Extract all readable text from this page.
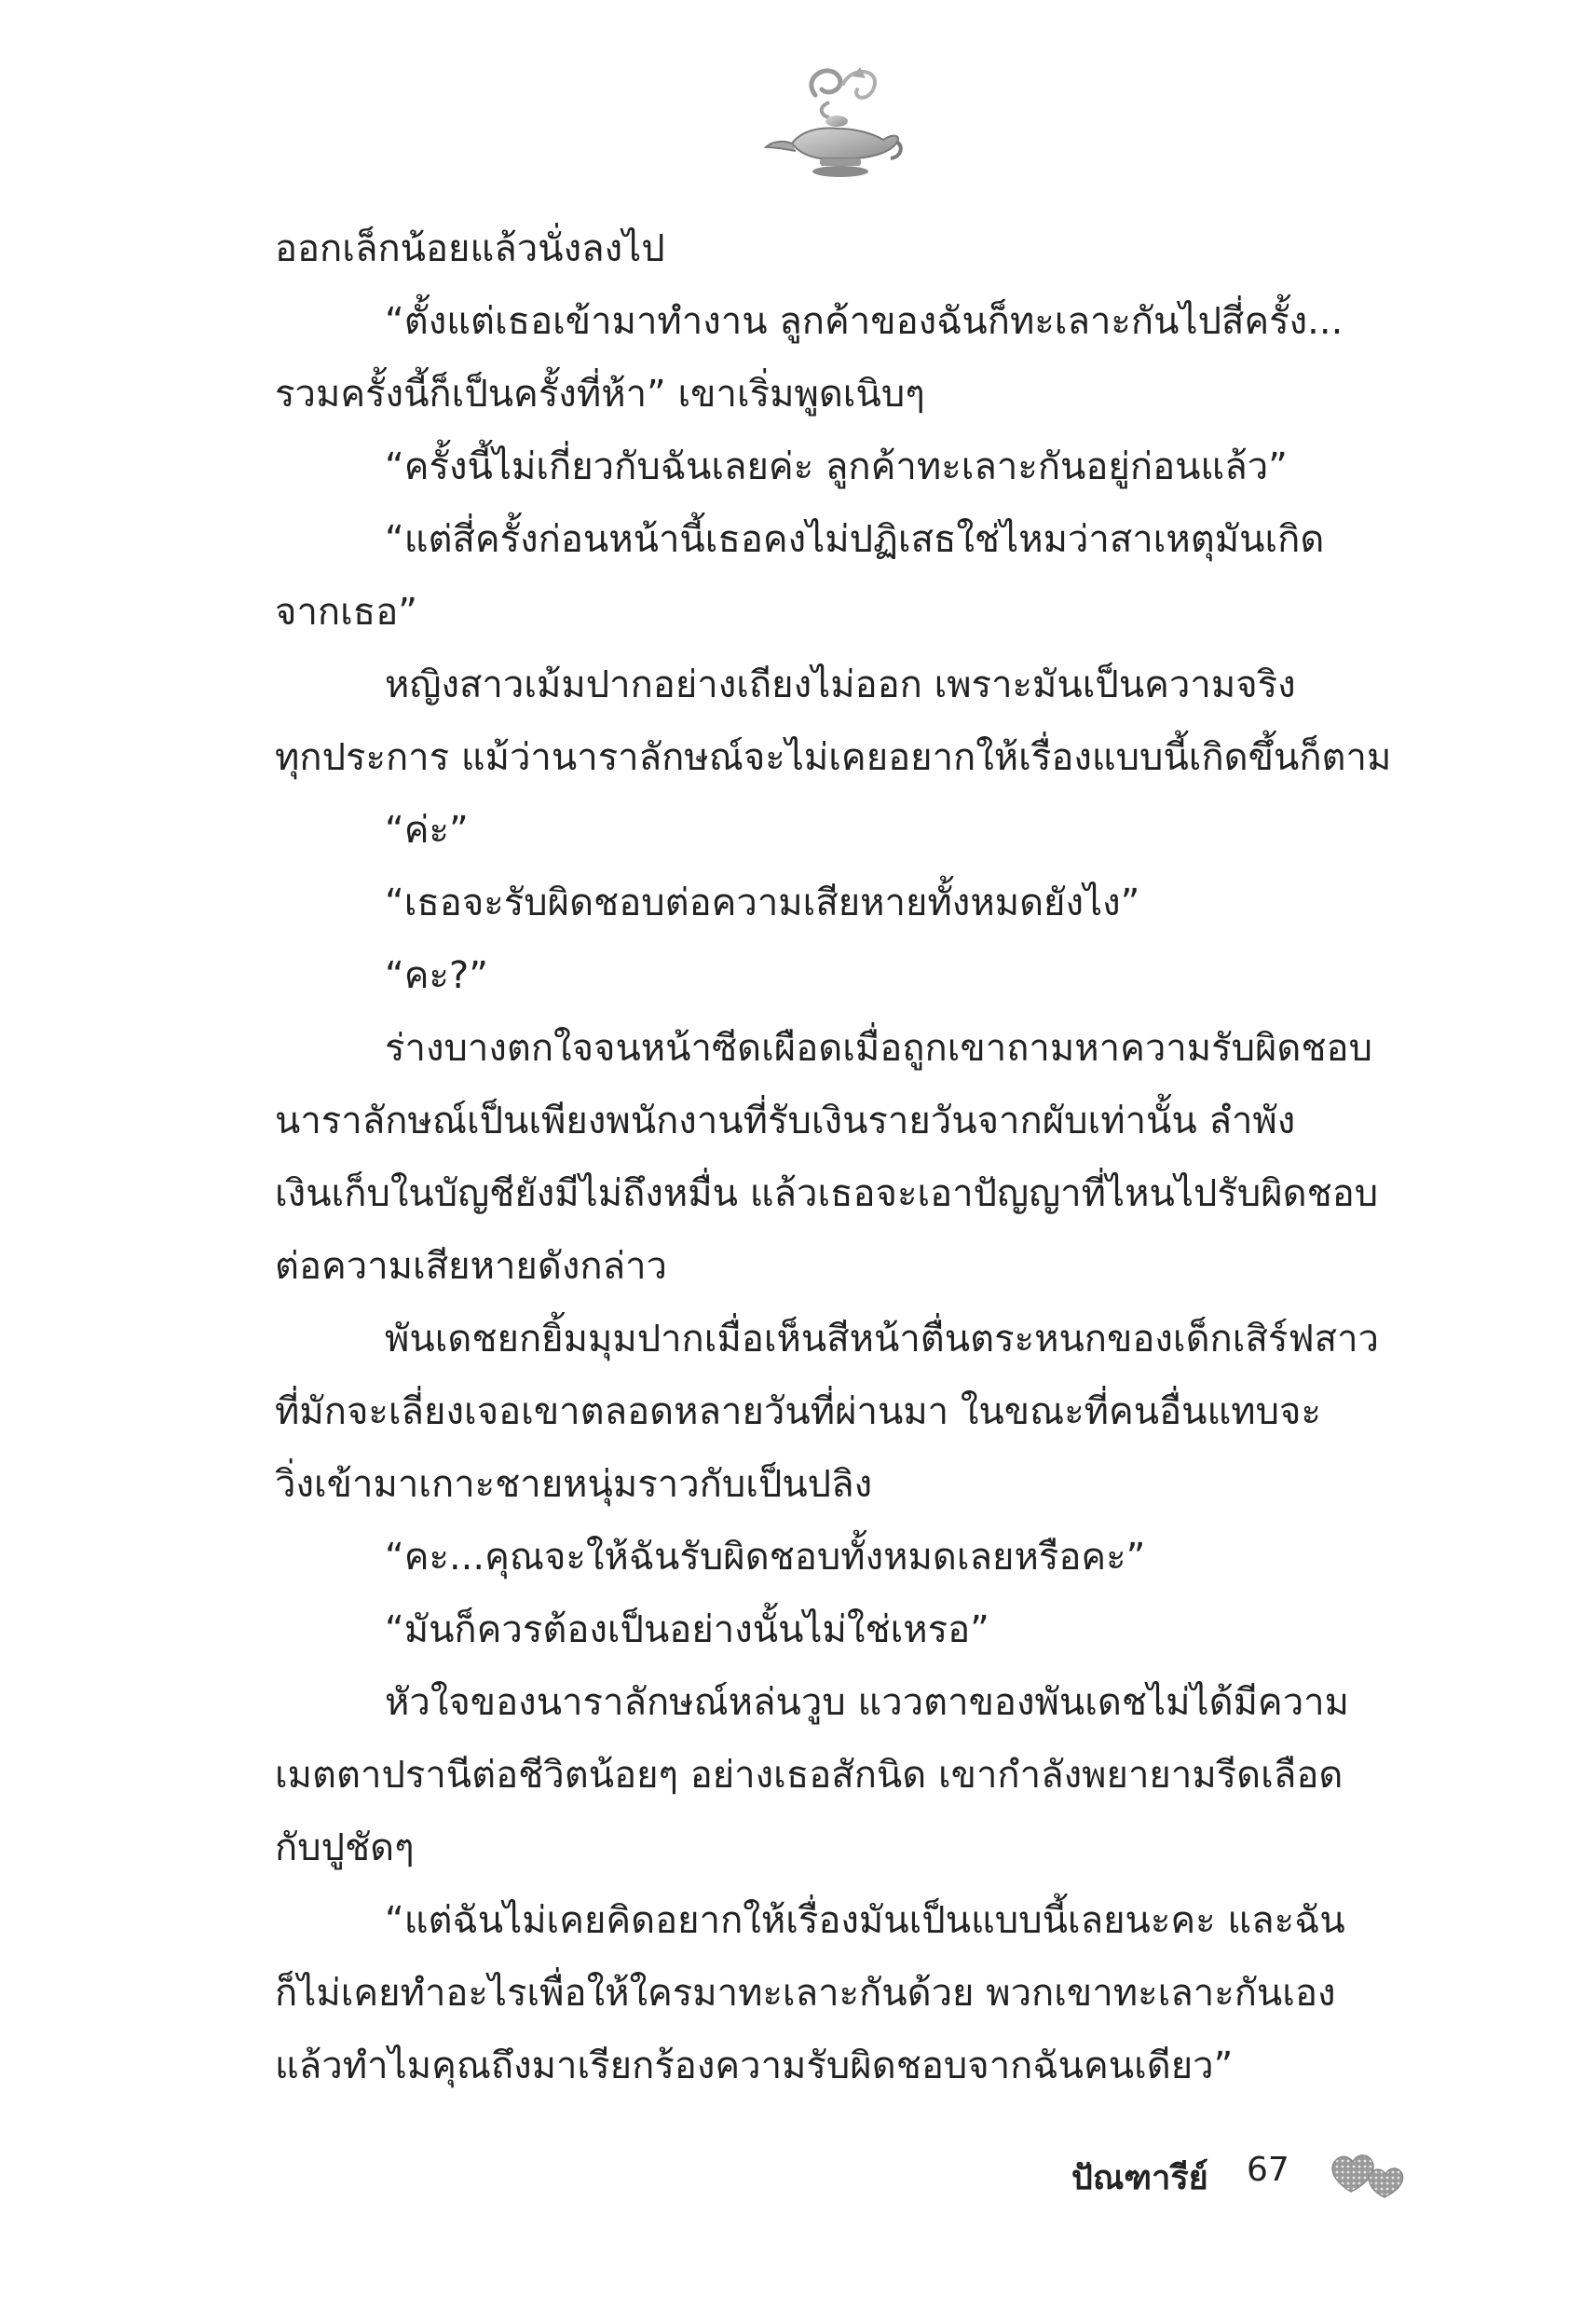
ออกเล็กน้อยแล้วนั่งลงไป
“ตั้งแต่เธอเข้ามาทำงาน ลูกค้าของฉันก็ทะเลาะกันไปสี่ครั้ง...
รวมครั้งนี้ก็เป็นครั้งที่ห้า” เขาเริ่มพูดเนิบๆ
“ครั้งนี้ไม่เกี่ยวกับฉันเลยค่ะ ลูกค้าทะเลาะกันอยู่ก่อนแล้ว”
“แต่สี่ครั้งก่อนหน้านี้เธอคงไม่ปฏิเสธใช่ไหมว่าสาเหตุมันเกิด
จากเธอ”
หญิงสาวเม้มปากอย่างเถียงไม่ออก เพราะมันเป็นความจริง
ทุกประการ แม้ว่านาราลักษณ์จะไม่เคยอยากให้เรื่องแบบนี้เกิดขึ้นก็ตาม
“ค่ะ”
“เธอจะรับผิดชอบต่อความเสียหายทั้งหมดยังไง”
“คะ?”
ร่างบางตกใจจนหน้าซีดเผือดเมื่อถูกเขาถามหาความรับผิดชอบ
นาราลักษณ์เป็นเพียงพนักงานที่รับเงินรายวันจากผับเท่านั้น ลำพัง
เงินเก็บในบัญชียังมีไม่ถึงหมื่น แล้วเธอจะเอาปัญญาที่ไหนไปรับผิดชอบ
ต่อความเสียหายดังกล่าว
พันเดชยกยิ้มมุมปากเมื่อเห็นสีหน้าตื่นตระหนกของเด็กเสิร์ฟสาว
ที่มักจะเลี่ยงเจอเขาตลอดหลายวันที่ผ่านมา ในขณะที่คนอื่นแทบจะ
วิ่งเข้ามาเกาะชายหนุ่มราวกับเป็นปลิง
“คะ...คุณจะให้ฉันรับผิดชอบทั้งหมดเลยหรือคะ”
“มันก็ควรต้องเป็นอย่างนั้นไม่ใช่เหรอ”
หัวใจของนาราลักษณ์หล่นวูบ แววตาของพันเดชไม่ได้มีความ
เมตตาปรานีต่อชีวิตน้อยๆ อย่างเธอสักนิด เขากำลังพยายามรีดเลือด
กับปูชัดๆ
“แต่ฉันไม่เคยคิดอยากให้เรื่องมันเป็นแบบนี้เลยนะคะ และฉัน
ก็ไม่เคยทำอะไรเพื่อให้ใครมาทะเลาะกันด้วย พวกเขาทะเลาะกันเอง
แล้วทำไมคุณถึงมาเรียกร้องความรับผิดชอบจากฉันคนเดียว”
ปัณฑารีย์ 67
